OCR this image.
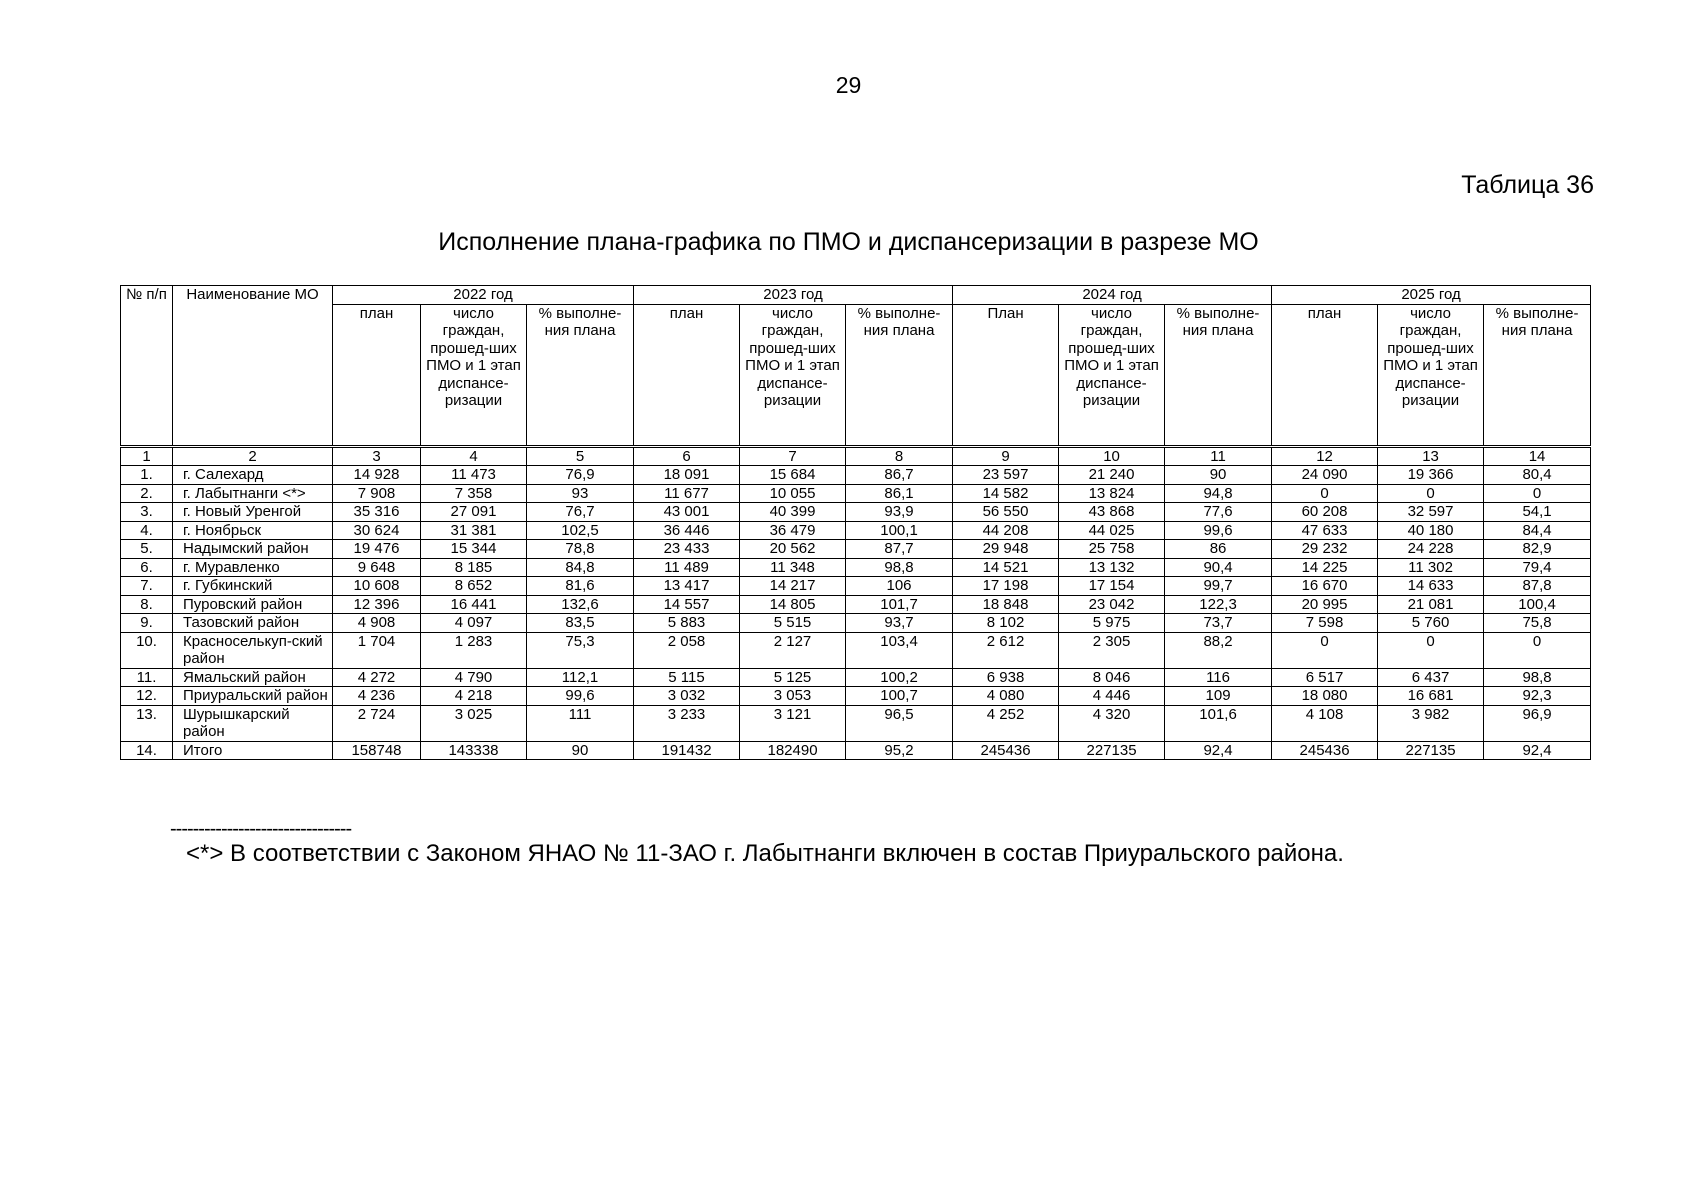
29
Таблица 36
Исполнение плана-графика по ПМО и диспансеризации в разрезе МО
№ п/п	Наименование МО	2022 год			2023 год			2024 год			2025 год		
		план	число граждан, прошед-ших ПМО и 1 этап диспансе-ризации	% выполне-ния плана	план	число граждан, прошед-ших ПМО и 1 этап диспансе-ризации	% выполне-ния плана	План	число граждан, прошед-ших ПМО и 1 этап диспансе-ризации	% выполне-ния плана	план	число граждан, прошед-ших ПМО и 1 этап диспансе-ризации	% выполне-ния плана
1	2	3	4	5	6	7	8	9	10	11	12	13	14
1.	г. Салехард	14 928	11 473	76,9	18 091	15 684	86,7	23 597	21 240	90	24 090	19 366	80,4
2.	г. Лабытнанги <*>	7 908	7 358	93	11 677	10 055	86,1	14 582	13 824	94,8	0	0	0
3.	г. Новый Уренгой	35 316	27 091	76,7	43 001	40 399	93,9	56 550	43 868	77,6	60 208	32 597	54,1
4.	г. Ноябрьск	30 624	31 381	102,5	36 446	36 479	100,1	44 208	44 025	99,6	47 633	40 180	84,4
5.	Надымский район	19 476	15 344	78,8	23 433	20 562	87,7	29 948	25 758	86	29 232	24 228	82,9
6.	г. Муравленко	9 648	8 185	84,8	11 489	11 348	98,8	14 521	13 132	90,4	14 225	11 302	79,4
7.	г. Губкинский	10 608	8 652	81,6	13 417	14 217	106	17 198	17 154	99,7	16 670	14 633	87,8
8.	Пуровский район	12 396	16 441	132,6	14 557	14 805	101,7	18 848	23 042	122,3	20 995	21 081	100,4
9.	Тазовский район	4 908	4 097	83,5	5 883	5 515	93,7	8 102	5 975	73,7	7 598	5 760	75,8
10.	Красноселькуп-ский район	1 704	1 283	75,3	2 058	2 127	103,4	2 612	2 305	88,2	0	0	0
11.	Ямальский район	4 272	4 790	112,1	5 115	5 125	100,2	6 938	8 046	116	6 517	6 437	98,8
12.	Приуральский район	4 236	4 218	99,6	3 032	3 053	100,7	4 080	4 446	109	18 080	16 681	92,3
13.	Шурышкарский район	2 724	3 025	111	3 233	3 121	96,5	4 252	4 320	101,6	4 108	3 982	96,9
14.	Итого	158748	143338	90	191432	182490	95,2	245436	227135	92,4	245436	227135	92,4
--------------------------------
<*> В соответствии с Законом ЯНАО № 11-ЗАО г. Лабытнанги включен в состав Приуральского района.
